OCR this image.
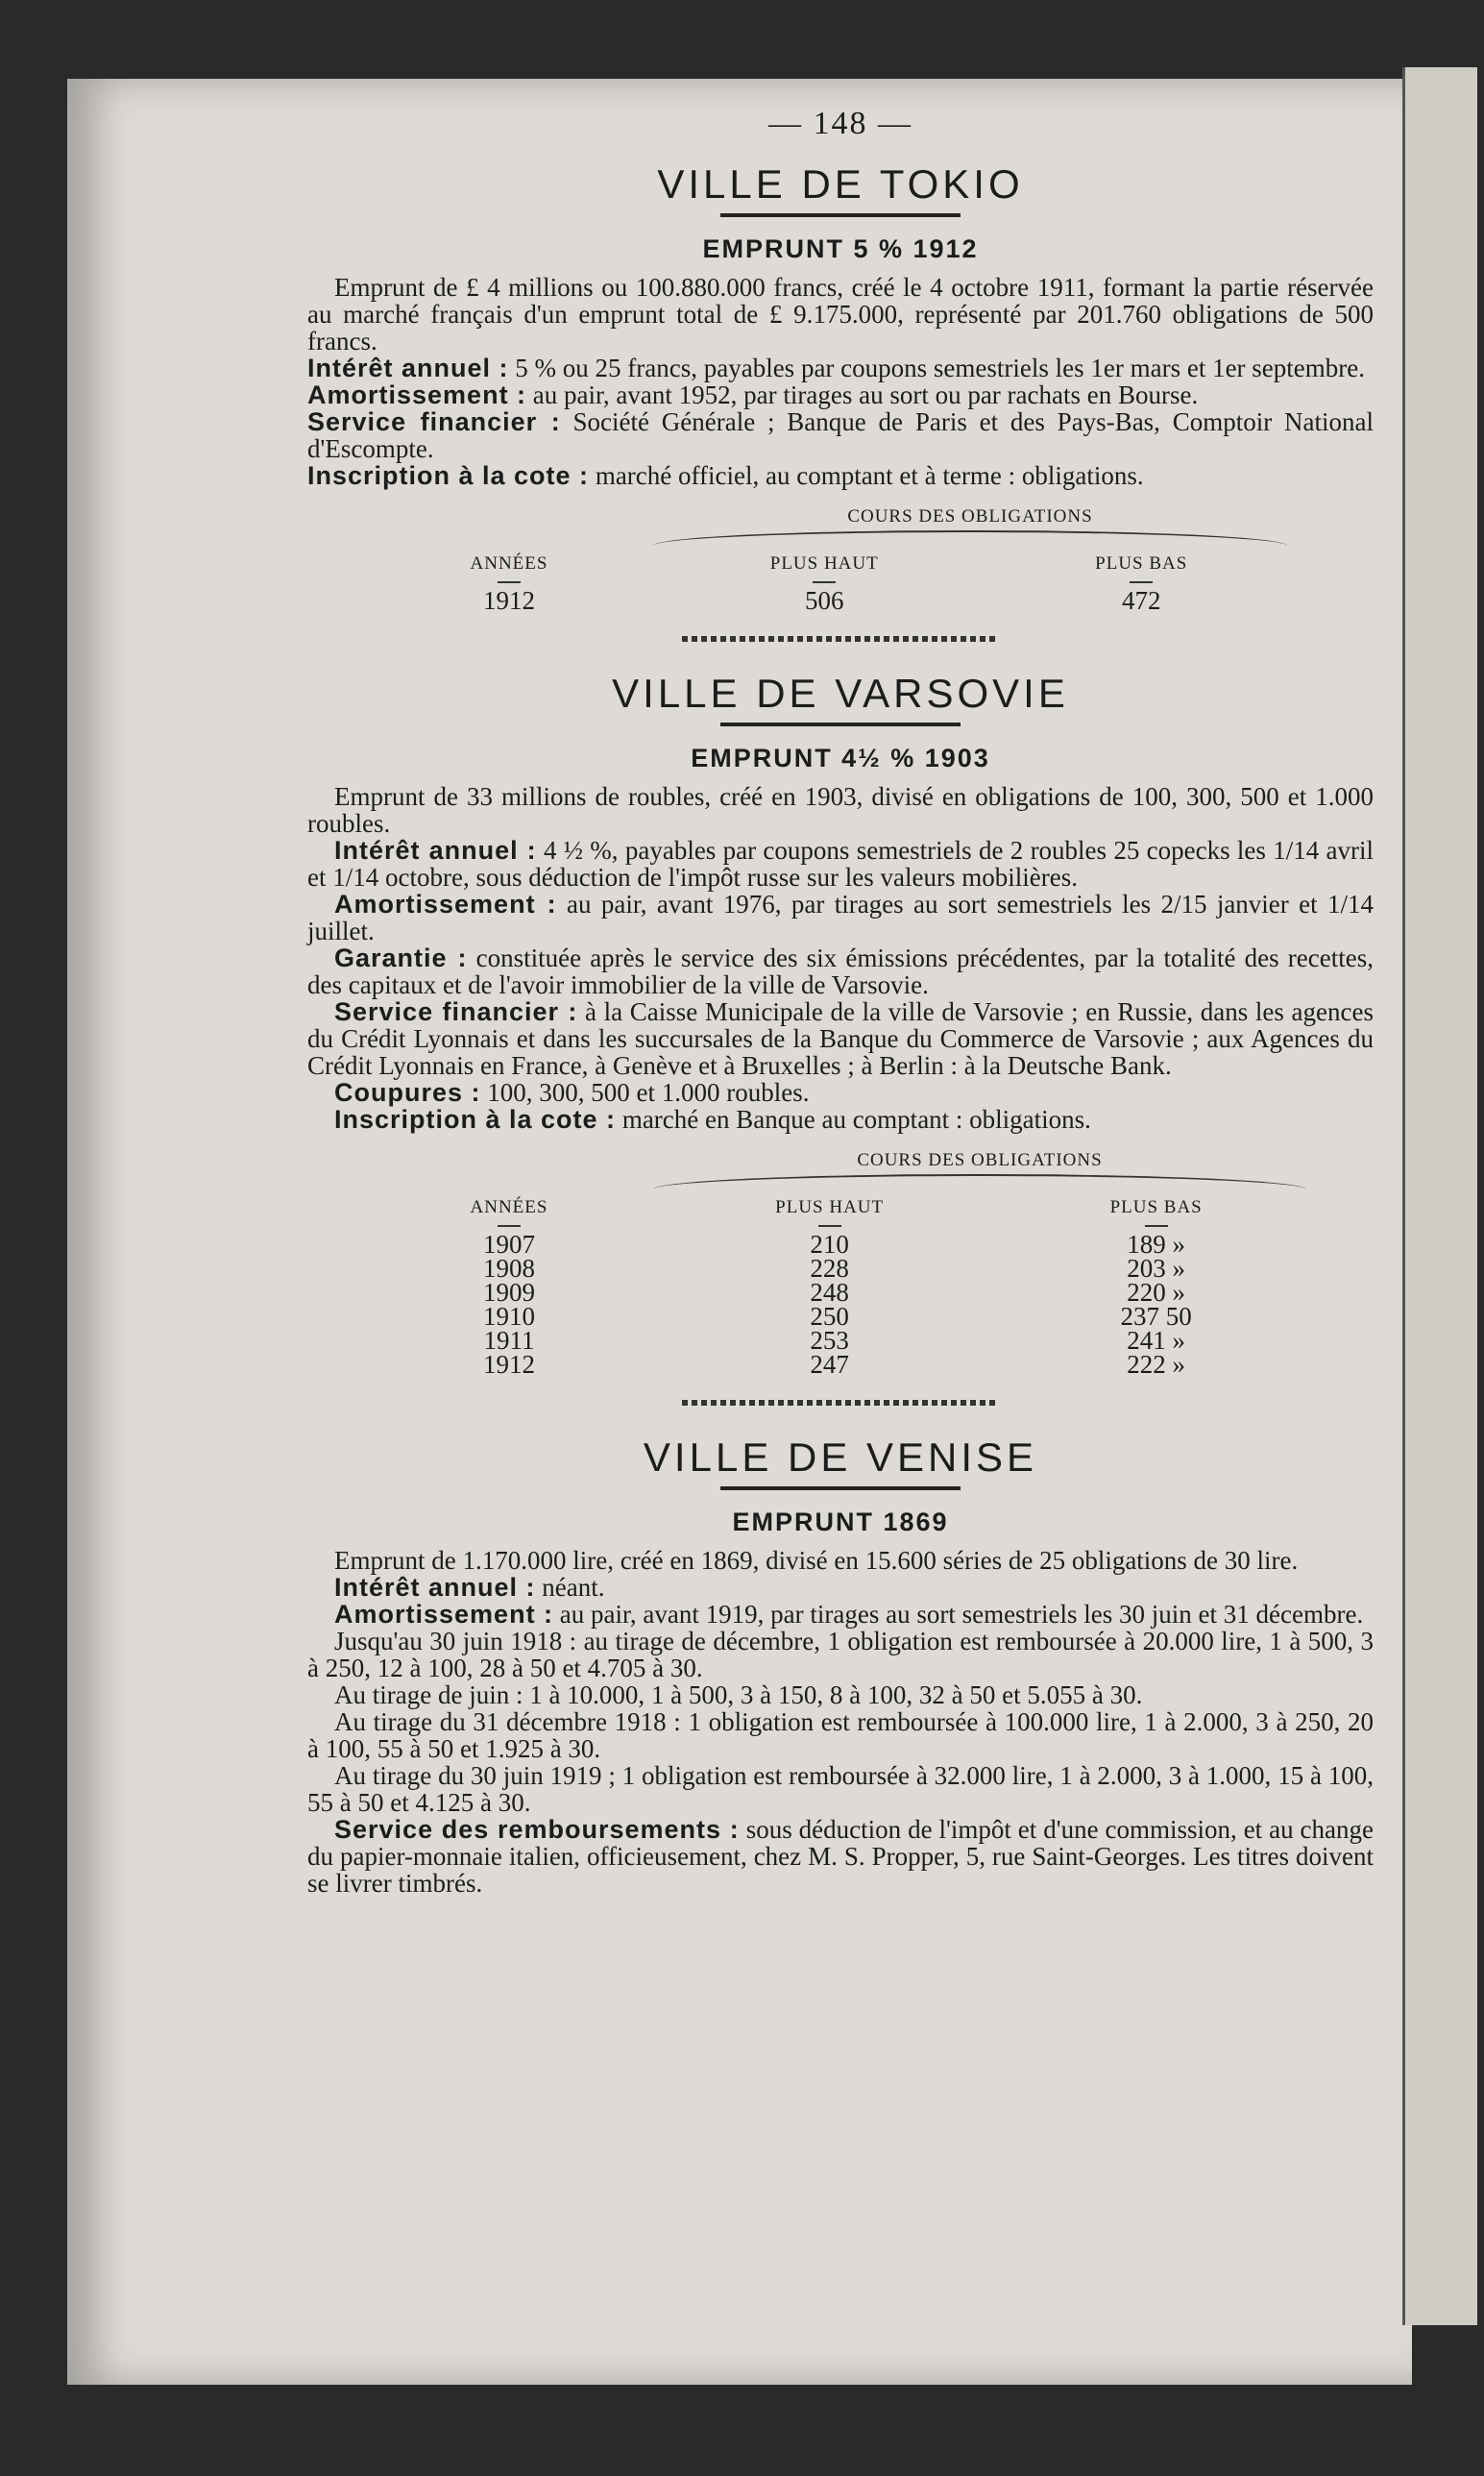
— 148 —
VILLE DE TOKIO
EMPRUNT 5 % 1912

Emprunt de £ 4 millions ou 100.880.000 francs, créé le 4 octobre 1911, formant la partie réservée au marché français d'un emprunt total de £ 9.175.000, représenté par 201.760 obligations de 500 francs.

Intérêt annuel : 5 % ou 25 francs, payables par coupons semestriels les 1er mars et 1er septembre.

Amortissement : au pair, avant 1952, par tirages au sort ou par rachats en Bourse.

Service financier : Société Générale ; Banque de Paris et des Pays-Bas, Comptoir National d'Escompte.

Inscription à la cote : marché officiel, au comptant et à terme : obligations.

	COURS DES OBLIGATIONS	

ANNÉES	PLUS HAUT	PLUS BAS

1912	506	472
VILLE DE VARSOVIE
EMPRUNT 4½ % 1903

Emprunt de 33 millions de roubles, créé en 1903, divisé en obligations de 100, 300, 500 et 1.000 roubles.

Intérêt annuel : 4 ½ %, payables par coupons semestriels de 2 roubles 25 copecks les 1/14 avril et 1/14 octobre, sous déduction de l'impôt russe sur les valeurs mobilières.

Amortissement : au pair, avant 1976, par tirages au sort semestriels les 2/15 janvier et 1/14 juillet.

Garantie : constituée après le service des six émissions précédentes, par la totalité des recettes, des capitaux et de l'avoir immobilier de la ville de Varsovie.

Service financier : à la Caisse Municipale de la ville de Varsovie ; en Russie, dans les agences du Crédit Lyonnais et dans les succursales de la Banque du Commerce de Varsovie ; aux Agences du Crédit Lyonnais en France, à Genève et à Bruxelles ; à Berlin : à la Deutsche Bank.

Coupures : 100, 300, 500 et 1.000 roubles.

Inscription à la cote : marché en Banque au comptant : obligations.

	COURS DES OBLIGATIONS	

ANNÉES	PLUS HAUT	PLUS BAS

1907	210	189 »
1908	228	203 »
1909	248	220 »
1910	250	237 50
1911	253	241 »
1912	247	222 »
VILLE DE VENISE
EMPRUNT 1869

Emprunt de 1.170.000 lire, créé en 1869, divisé en 15.600 séries de 25 obligations de 30 lire.

Intérêt annuel : néant.

Amortissement : au pair, avant 1919, par tirages au sort semestriels les 30 juin et 31 décembre.

Jusqu'au 30 juin 1918 : au tirage de décembre, 1 obligation est remboursée à 20.000 lire, 1 à 500, 3 à 250, 12 à 100, 28 à 50 et 4.705 à 30.

Au tirage de juin : 1 à 10.000, 1 à 500, 3 à 150, 8 à 100, 32 à 50 et 5.055 à 30.

Au tirage du 31 décembre 1918 : 1 obligation est remboursée à 100.000 lire, 1 à 2.000, 3 à 250, 20 à 100, 55 à 50 et 1.925 à 30.

Au tirage du 30 juin 1919 ; 1 obligation est remboursée à 32.000 lire, 1 à 2.000, 3 à 1.000, 15 à 100, 55 à 50 et 4.125 à 30.

Service des remboursements : sous déduction de l'impôt et d'une commission, et au change du papier-monnaie italien, officieusement, chez M. S. Propper, 5, rue Saint-Georges. Les titres doivent se livrer timbrés.
